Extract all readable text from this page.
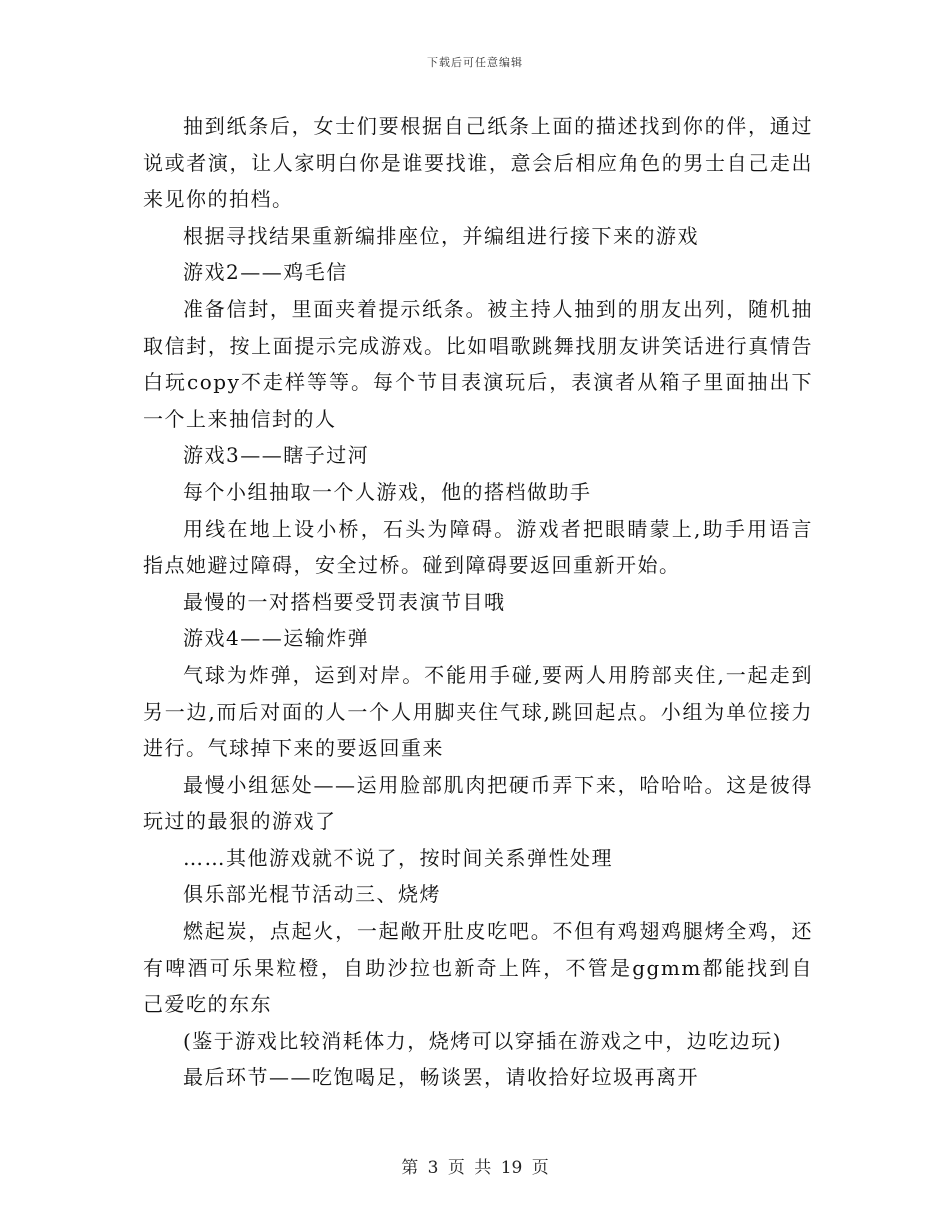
下载后可任意编辑

抽到纸条后，女士们要根据自己纸条上面的描述找到你的伴，通过说或者演，让人家明白你是谁要找谁，意会后相应角色的男士自己走出来见你的拍档。

根据寻找结果重新编排座位，并编组进行接下来的游戏

游戏2——鸡毛信

准备信封，里面夹着提示纸条。被主持人抽到的朋友出列，随机抽取信封，按上面提示完成游戏。比如唱歌跳舞找朋友讲笑话进行真情告白玩copy不走样等等。每个节目表演玩后，表演者从箱子里面抽出下一个上来抽信封的人

游戏3——瞎子过河

每个小组抽取一个人游戏，他的搭档做助手

用线在地上设小桥，石头为障碍。游戏者把眼睛蒙上,助手用语言指点她避过障碍，安全过桥。碰到障碍要返回重新开始。

最慢的一对搭档要受罚表演节目哦

游戏4——运输炸弹

气球为炸弹，运到对岸。不能用手碰,要两人用胯部夹住,一起走到另一边,而后对面的人一个人用脚夹住气球,跳回起点。小组为单位接力进行。气球掉下来的要返回重来

最慢小组惩处——运用脸部肌肉把硬币弄下来，哈哈哈。这是彼得玩过的最狠的游戏了

……其他游戏就不说了，按时间关系弹性处理

俱乐部光棍节活动三、烧烤

燃起炭，点起火，一起敞开肚皮吃吧。不但有鸡翅鸡腿烤全鸡，还有啤酒可乐果粒橙，自助沙拉也新奇上阵，不管是ggmm都能找到自己爱吃的东东

(鉴于游戏比较消耗体力，烧烤可以穿插在游戏之中，边吃边玩)

最后环节——吃饱喝足，畅谈罢，请收拾好垃圾再离开

第 3 页 共 19 页
